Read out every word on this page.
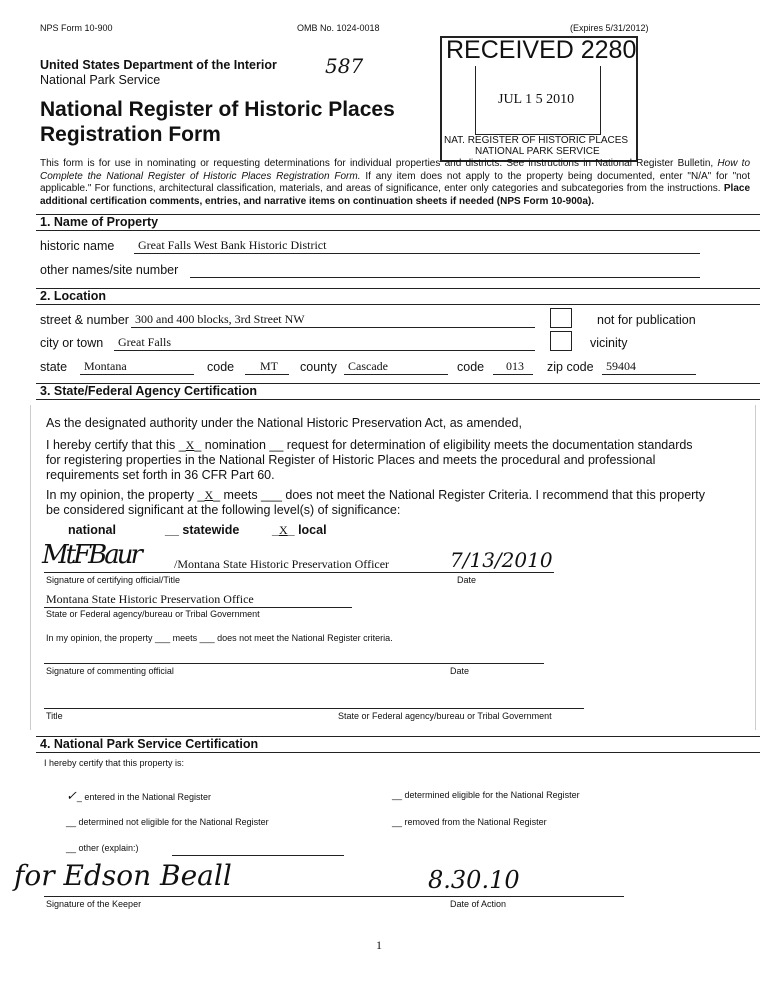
NPS Form 10-900	OMB No. 1024-0018	(Expires 5/31/2012)
United States Department of the Interior
National Park Service
587
National Register of Historic Places
Registration Form
RECEIVED 2280
JUL 1 5 2010
NAT. REGISTER OF HISTORIC PLACES
NATIONAL PARK SERVICE
This form is for use in nominating or requesting determinations for individual properties and districts. See instructions in National Register Bulletin, How to Complete the National Register of Historic Places Registration Form. If any item does not apply to the property being documented, enter "N/A" for "not applicable." For functions, architectural classification, materials, and areas of significance, enter only categories and subcategories from the instructions. Place additional certification comments, entries, and narrative items on continuation sheets if needed (NPS Form 10-900a).
1. Name of Property
historic name	Great Falls West Bank Historic District
other names/site number
2. Location
street & number 300 and 400 blocks, 3rd Street NW	not for publication
city or town	Great Falls	vicinity
state	Montana	code	MT	county Cascade	code	013	zip code	59404
3. State/Federal Agency Certification
As the designated authority under the National Historic Preservation Act, as amended,
I hereby certify that this _X_ nomination __ request for determination of eligibility meets the documentation standards
for registering properties in the National Register of Historic Places and meets the procedural and professional
requirements set forth in 36 CFR Part 60.
In my opinion, the property _X_ meets ___ does not meet the National Register Criteria. I recommend that this property
be considered significant at the following level(s) of significance:
national	__ statewide	_X_ local
MtFBaur	/Montana State Historic Preservation Officer	7/13/2010
Signature of certifying official/Title	Date
Montana State Historic Preservation Office
State or Federal agency/bureau or Tribal Government
In my opinion, the property ___ meets ___ does not meet the National Register criteria.
Signature of commenting official	Date
Title	State or Federal agency/bureau or Tribal Government
4. National Park Service Certification
I hereby certify that this property is:
✓_ entered in the National Register	__ determined eligible for the National Register
__ determined not eligible for the National Register	__ removed from the National Register
__ other (explain:)
for Edson Beall	8.30.10
Signature of the Keeper	Date of Action
1
